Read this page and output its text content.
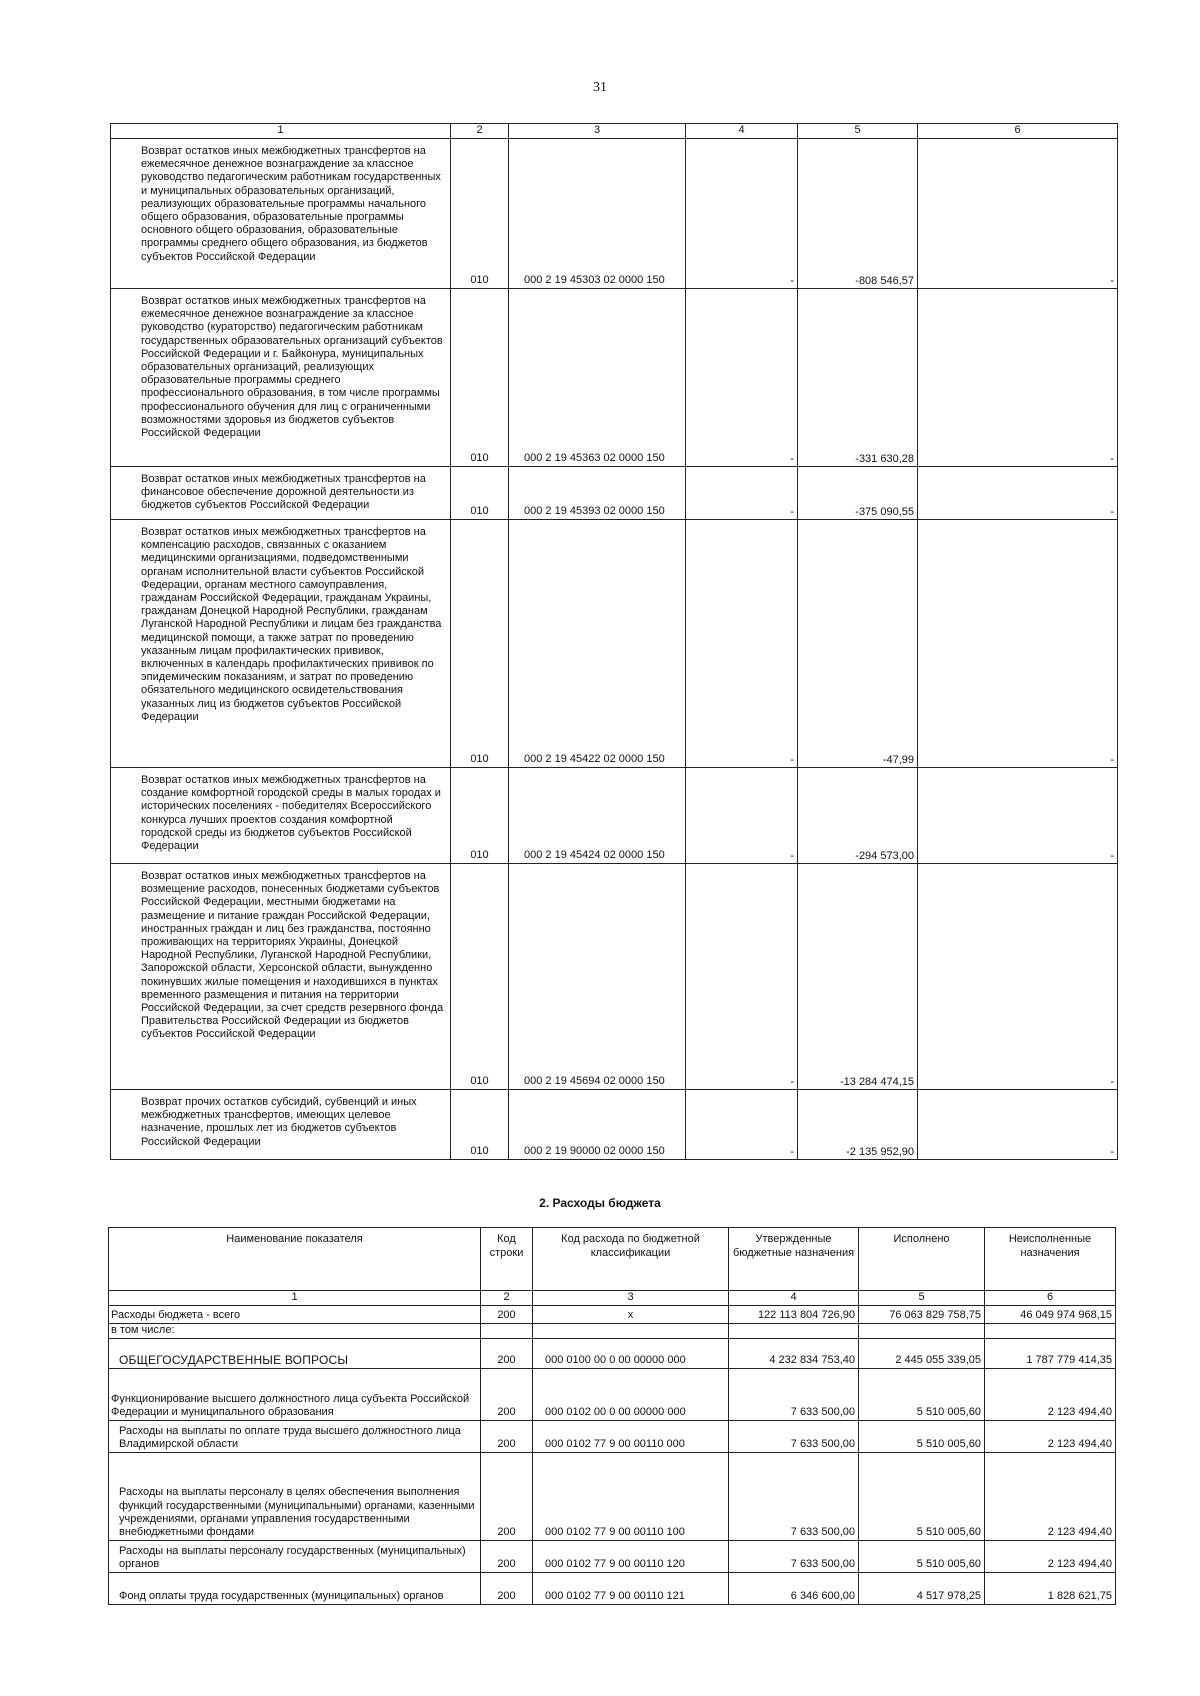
31
1	2	3	4	5	6
Возврат остатков иных межбюджетных трансфертов на ежемесячное денежное вознаграждение за классное руководство педагогическим работникам государственных и муниципальных образовательных организаций, реализующих образовательные программы начального общего образования, образовательные программы основного общего образования, образовательные программы среднего общего образования, из бюджетов субъектов Российской Федерации	010	000 2 19 45303 02 0000 150	-	-808 546,57	-
Возврат остатков иных межбюджетных трансфертов на ежемесячное денежное вознаграждение за классное руководство (кураторство) педагогическим работникам государственных образовательных организаций субъектов Российской Федерации и г. Байконура, муниципальных образовательных организаций, реализующих образовательные программы среднего профессионального образования, в том числе программы профессионального обучения для лиц с ограниченными возможностями здоровья из бюджетов субъектов Российской Федерации	010	000 2 19 45363 02 0000 150	-	-331 630,28	-
Возврат остатков иных межбюджетных трансфертов на финансовое обеспечение дорожной деятельности из бюджетов субъектов Российской Федерации	010	000 2 19 45393 02 0000 150	-	-375 090,55	-
Возврат остатков иных межбюджетных трансфертов на компенсацию расходов, связанных с оказанием медицинскими организациями, подведомственными органам исполнительной власти субъектов Российской Федерации, органам местного самоуправления, гражданам Российской Федерации, гражданам Украины, гражданам Донецкой Народной Республики, гражданам Луганской Народной Республики и лицам без гражданства медицинской помощи, а также затрат по проведению указанным лицам профилактических прививок, включенных в календарь профилактических прививок по эпидемическим показаниям, и затрат по проведению обязательного медицинского освидетельствования указанных лиц из бюджетов субъектов Российской Федерации	010	000 2 19 45422 02 0000 150	-	-47,99	-
Возврат остатков иных межбюджетных трансфертов на создание комфортной городской среды в малых городах и исторических поселениях - победителях Всероссийского конкурса лучших проектов создания комфортной городской среды из бюджетов субъектов Российской Федерации	010	000 2 19 45424 02 0000 150	-	-294 573,00	-
Возврат остатков иных межбюджетных трансфертов на возмещение расходов, понесенных бюджетами субъектов Российской Федерации, местными бюджетами на размещение и питание граждан Российской Федерации, иностранных граждан и лиц без гражданства, постоянно проживающих на территориях Украины, Донецкой Народной Республики, Луганской Народной Республики, Запорожской области, Херсонской области, вынужденно покинувших жилые помещения и находившихся в пунктах временного размещения и питания на территории Российской Федерации, за счет средств резервного фонда Правительства Российской Федерации из бюджетов субъектов Российской Федерации	010	000 2 19 45694 02 0000 150	-	-13 284 474,15	-
Возврат прочих остатков субсидий, субвенций и иных межбюджетных трансфертов, имеющих целевое назначение, прошлых лет из бюджетов субъектов Российской Федерации	010	000 2 19 90000 02 0000 150	-	-2 135 952,90	-
2. Расходы бюджета
Наименование показателя	Код строки	Код расхода по бюджетной классификации	Утвержденные бюджетные назначения	Исполнено	Неисполненные назначения
1	2	3	4	5	6
Расходы бюджета - всего	200	x	122 113 804 726,90	76 063 829 758,75	46 049 974 968,15
в том числе:					
ОБЩЕГОСУДАРСТВЕННЫЕ ВОПРОСЫ	200	000 0100 00 0 00 00000 000	4 232 834 753,40	2 445 055 339,05	1 787 779 414,35
Функционирование высшего должностного лица субъекта Российской Федерации и муниципального образования	200	000 0102 00 0 00 00000 000	7 633 500,00	5 510 005,60	2 123 494,40
Расходы на выплаты по оплате труда высшего должностного лица Владимирской области	200	000 0102 77 9 00 00110 000	7 633 500,00	5 510 005,60	2 123 494,40
Расходы на выплаты персоналу в целях обеспечения выполнения функций государственными (муниципальными) органами, казенными учреждениями, органами управления государственными внебюджетными фондами	200	000 0102 77 9 00 00110 100	7 633 500,00	5 510 005,60	2 123 494,40
Расходы на выплаты персоналу государственных (муниципальных) органов	200	000 0102 77 9 00 00110 120	7 633 500,00	5 510 005,60	2 123 494,40
Фонд оплаты труда государственных (муниципальных) органов	200	000 0102 77 9 00 00110 121	6 346 600,00	4 517 978,25	1 828 621,75
